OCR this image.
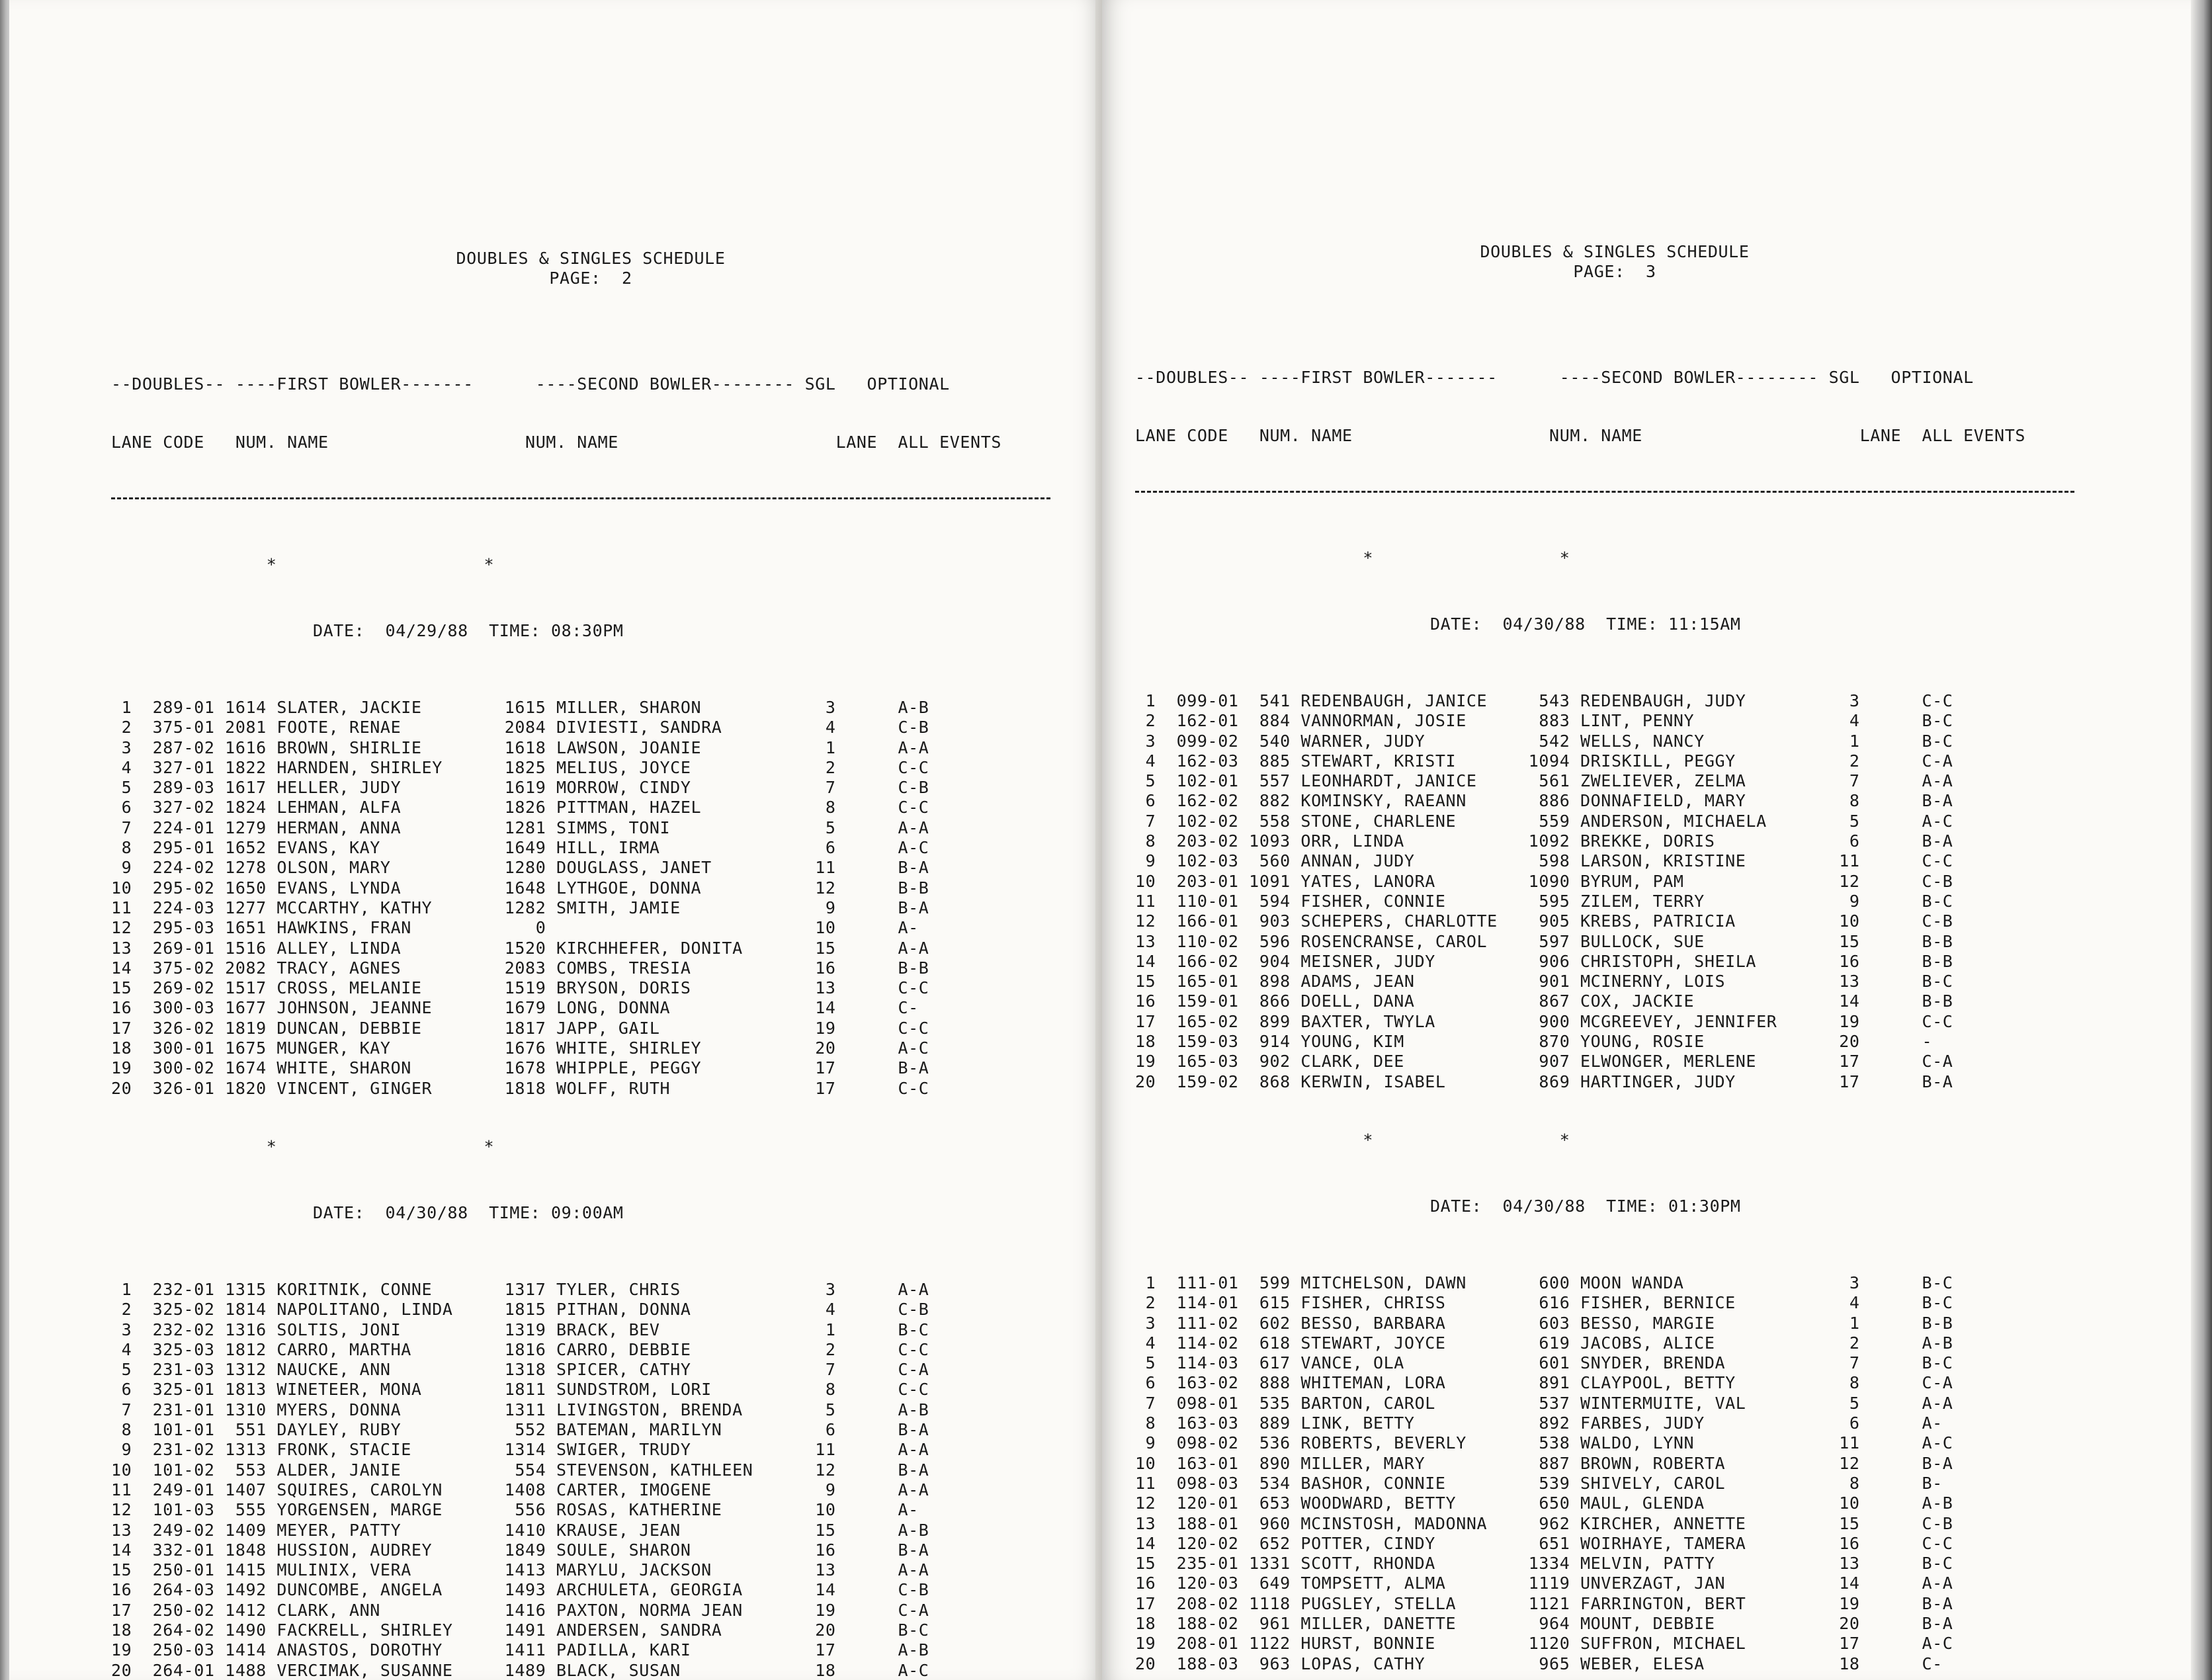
DOUBLES & SINGLES SCHEDULE

PAGE:  2

--DOUBLES-- ----FIRST BOWLER-------      ----SECOND BOWLER-------- SGL   OPTIONAL

LANE CODE   NUM. NAME                   NUM. NAME                     LANE  ALL EVENTS

*                    *

DATE:  04/29/88  TIME: 08:30PM

1  289-01 1614 SLATER, JACKIE        1615 MILLER, SHARON            3      A-B
2  375-01 2081 FOOTE, RENAE          2084 DIVIESTI, SANDRA          4      C-B
3  287-02 1616 BROWN, SHIRLIE        1618 LAWSON, JOANIE            1      A-A
4  327-01 1822 HARNDEN, SHIRLEY      1825 MELIUS, JOYCE             2      C-C
5  289-03 1617 HELLER, JUDY          1619 MORROW, CINDY             7      C-B
6  327-02 1824 LEHMAN, ALFA          1826 PITTMAN, HAZEL            8      C-C
7  224-01 1279 HERMAN, ANNA          1281 SIMMS, TONI               5      A-A
8  295-01 1652 EVANS, KAY            1649 HILL, IRMA                6      A-C
9  224-02 1278 OLSON, MARY           1280 DOUGLASS, JANET          11      B-A
10  295-02 1650 EVANS, LYNDA          1648 LYTHGOE, DONNA           12      B-B
11  224-03 1277 MCCARTHY, KATHY       1282 SMITH, JAMIE              9      B-A
12  295-03 1651 HAWKINS, FRAN            0                          10      A-
13  269-01 1516 ALLEY, LINDA          1520 KIRCHHEFER, DONITA       15      A-A
14  375-02 2082 TRACY, AGNES          2083 COMBS, TRESIA            16      B-B
15  269-02 1517 CROSS, MELANIE        1519 BRYSON, DORIS            13      C-C
16  300-03 1677 JOHNSON, JEANNE       1679 LONG, DONNA              14      C-
17  326-02 1819 DUNCAN, DEBBIE        1817 JAPP, GAIL               19      C-C
18  300-01 1675 MUNGER, KAY           1676 WHITE, SHIRLEY           20      A-C
19  300-02 1674 WHITE, SHARON         1678 WHIPPLE, PEGGY           17      B-A
20  326-01 1820 VINCENT, GINGER       1818 WOLFF, RUTH              17      C-C

*                    *

DATE:  04/30/88  TIME: 09:00AM

1  232-01 1315 KORITNIK, CONNE       1317 TYLER, CHRIS              3      A-A
2  325-02 1814 NAPOLITANO, LINDA     1815 PITHAN, DONNA             4      C-B
3  232-02 1316 SOLTIS, JONI          1319 BRACK, BEV                1      B-C
4  325-03 1812 CARRO, MARTHA         1816 CARRO, DEBBIE             2      C-C
5  231-03 1312 NAUCKE, ANN           1318 SPICER, CATHY             7      C-A
6  325-01 1813 WINETEER, MONA        1811 SUNDSTROM, LORI           8      C-C
7  231-01 1310 MYERS, DONNA          1311 LIVINGSTON, BRENDA        5      A-B
8  101-01  551 DAYLEY, RUBY           552 BATEMAN, MARILYN          6      B-A
9  231-02 1313 FRONK, STACIE         1314 SWIGER, TRUDY            11      A-A
10  101-02  553 ALDER, JANIE           554 STEVENSON, KATHLEEN      12      B-A
11  249-01 1407 SQUIRES, CAROLYN      1408 CARTER, IMOGENE           9      A-A
12  101-03  555 YORGENSEN, MARGE       556 ROSAS, KATHERINE         10      A-
13  249-02 1409 MEYER, PATTY          1410 KRAUSE, JEAN             15      A-B
14  332-01 1848 HUSSION, AUDREY       1849 SOULE, SHARON            16      B-A
15  250-01 1415 MULINIX, VERA         1413 MARYLU, JACKSON          13      A-A
16  264-03 1492 DUNCOMBE, ANGELA      1493 ARCHULETA, GEORGIA       14      C-B
17  250-02 1412 CLARK, ANN            1416 PAXTON, NORMA JEAN       19      C-A
18  264-02 1490 FACKRELL, SHIRLEY     1491 ANDERSEN, SANDRA         20      B-C
19  250-03 1414 ANASTOS, DOROTHY      1411 PADILLA, KARI            17      A-B
20  264-01 1488 VERCIMAK, SUSANNE     1489 BLACK, SUSAN             18      A-C

DOUBLES & SINGLES SCHEDULE

PAGE:  3

--DOUBLES-- ----FIRST BOWLER-------      ----SECOND BOWLER-------- SGL   OPTIONAL

LANE CODE   NUM. NAME                   NUM. NAME                     LANE  ALL EVENTS

*                  *

DATE:  04/30/88  TIME: 11:15AM

1  099-01  541 REDENBAUGH, JANICE     543 REDENBAUGH, JUDY          3      C-C
2  162-01  884 VANNORMAN, JOSIE       883 LINT, PENNY               4      B-C
3  099-02  540 WARNER, JUDY           542 WELLS, NANCY              1      B-C
4  162-03  885 STEWART, KRISTI       1094 DRISKILL, PEGGY           2      C-A
5  102-01  557 LEONHARDT, JANICE      561 ZWELIEVER, ZELMA          7      A-A
6  162-02  882 KOMINSKY, RAEANN       886 DONNAFIELD, MARY          8      B-A
7  102-02  558 STONE, CHARLENE        559 ANDERSON, MICHAELA        5      A-C
8  203-02 1093 ORR, LINDA            1092 BREKKE, DORIS             6      B-A
9  102-03  560 ANNAN, JUDY            598 LARSON, KRISTINE         11      C-C
10  203-01 1091 YATES, LANORA         1090 BYRUM, PAM               12      C-B
11  110-01  594 FISHER, CONNIE         595 ZILEM, TERRY              9      B-C
12  166-01  903 SCHEPERS, CHARLOTTE    905 KREBS, PATRICIA          10      C-B
13  110-02  596 ROSENCRANSE, CAROL     597 BULLOCK, SUE             15      B-B
14  166-02  904 MEISNER, JUDY          906 CHRISTOPH, SHEILA        16      B-B
15  165-01  898 ADAMS, JEAN            901 MCINERNY, LOIS           13      B-C
16  159-01  866 DOELL, DANA            867 COX, JACKIE              14      B-B
17  165-02  899 BAXTER, TWYLA          900 MCGREEVEY, JENNIFER      19      C-C
18  159-03  914 YOUNG, KIM             870 YOUNG, ROSIE             20      -
19  165-03  902 CLARK, DEE             907 ELWONGER, MERLENE        17      C-A
20  159-02  868 KERWIN, ISABEL         869 HARTINGER, JUDY          17      B-A

*                  *

DATE:  04/30/88  TIME: 01:30PM

1  111-01  599 MITCHELSON, DAWN       600 MOON WANDA                3      B-C
2  114-01  615 FISHER, CHRISS         616 FISHER, BERNICE           4      B-C
3  111-02  602 BESSO, BARBARA         603 BESSO, MARGIE             1      B-B
4  114-02  618 STEWART, JOYCE         619 JACOBS, ALICE             2      A-B
5  114-03  617 VANCE, OLA             601 SNYDER, BRENDA            7      B-C
6  163-02  888 WHITEMAN, LORA         891 CLAYPOOL, BETTY           8      C-A
7  098-01  535 BARTON, CAROL          537 WINTERMUITE, VAL          5      A-A
8  163-03  889 LINK, BETTY            892 FARBES, JUDY              6      A-
9  098-02  536 ROBERTS, BEVERLY       538 WALDO, LYNN              11      A-C
10  163-01  890 MILLER, MARY           887 BROWN, ROBERTA           12      B-A
11  098-03  534 BASHOR, CONNIE         539 SHIVELY, CAROL            8      B-
12  120-01  653 WOODWARD, BETTY        650 MAUL, GLENDA             10      A-B
13  188-01  960 MCINSTOSH, MADONNA     962 KIRCHER, ANNETTE         15      C-B
14  120-02  652 POTTER, CINDY          651 WOIRHAYE, TAMERA         16      C-C
15  235-01 1331 SCOTT, RHONDA         1334 MELVIN, PATTY            13      B-C
16  120-03  649 TOMPSETT, ALMA        1119 UNVERZAGT, JAN           14      A-A
17  208-02 1118 PUGSLEY, STELLA       1121 FARRINGTON, BERT         19      B-A
18  188-02  961 MILLER, DANETTE        964 MOUNT, DEBBIE            20      B-A
19  208-01 1122 HURST, BONNIE         1120 SUFFRON, MICHAEL         17      A-C
20  188-03  963 LOPAS, CATHY           965 WEBER, ELESA             18      C-
